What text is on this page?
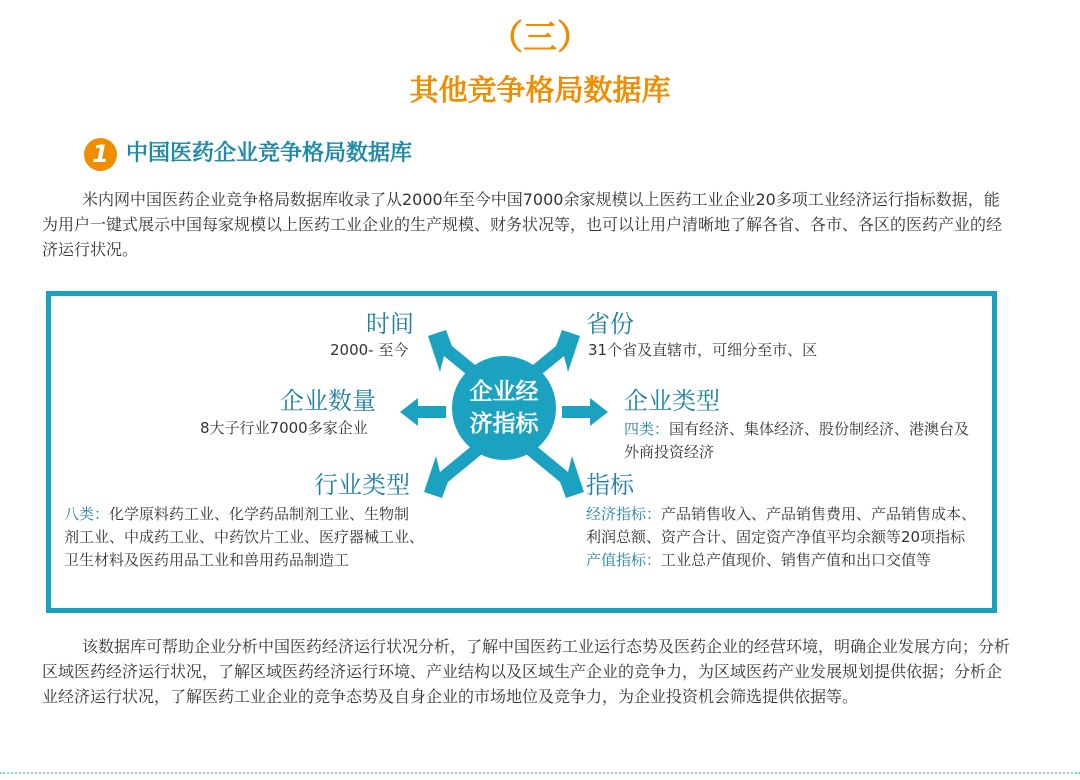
（三）
其他竞争格局数据库
1 中国医药企业竞争格局数据库
米内网中国医药企业竞争格局数据库收录了从2000年至今中国7000余家规模以上医药工业企业20多项工业经济运行指标数据，能为用户一键式展示中国每家规模以上医药工业企业的生产规模、财务状况等，也可以让用户清晰地了解各省、各市、各区的医药产业的经济运行状况。
企业经
济指标
时间
2000- 至今
省份
31个省及直辖市，可细分至市、区
企业数量
8大子行业7000多家企业
企业类型
四类：国有经济、集体经济、股份制经济、港澳台及外商投资经济
行业类型
八类：化学原料药工业、化学药品制剂工业、生物制剂工业、中成药工业、中药饮片工业、医疗器械工业、卫生材料及医药用品工业和兽用药品制造工
指标
经济指标：产品销售收入、产品销售费用、产品销售成本、利润总额、资产合计、固定资产净值平均余额等20项指标
产值指标：工业总产值现价、销售产值和出口交值等
该数据库可帮助企业分析中国医药经济运行状况分析，了解中国医药工业运行态势及医药企业的经营环境，明确企业发展方向；分析区域医药经济运行状况，了解区域医药经济运行环境、产业结构以及区域生产企业的竞争力，为区域医药产业发展规划提供依据；分析企业经济运行状况，了解医药工业企业的竞争态势及自身企业的市场地位及竞争力，为企业投资机会筛选提供依据等。
